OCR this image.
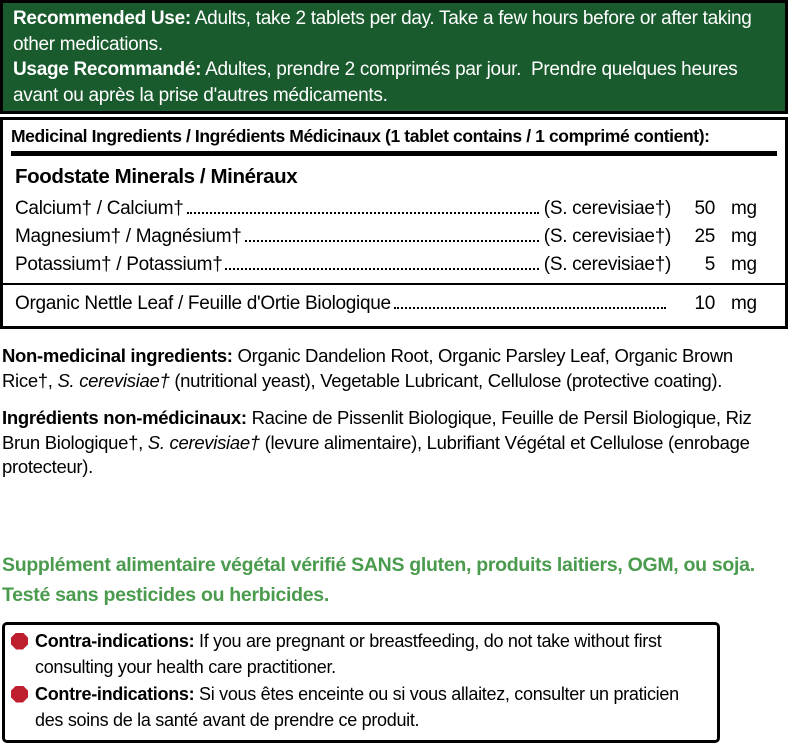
Recommended Use: Adults, take 2 tablets per day. Take a few hours before or after taking other medications.

Usage Recommandé: Adultes, prendre 2 comprimés par jour.  Prendre quelques heures avant ou après la prise d'autres médicaments.

Medicinal Ingredients / Ingrédients Médicinaux (1 tablet contains / 1 comprimé contient):
Foodstate Minerals / Minéraux
Calcium† / Calcium†	(S. cerevisiae†)	50 mg
Magnesium† / Magnésium†	(S. cerevisiae†)	25 mg
Potassium† / Potassium†	(S. cerevisiae†)	5 mg
Organic Nettle Leaf / Feuille d'Ortie Biologique	10 mg

Non-medicinal ingredients: Organic Dandelion Root, Organic Parsley Leaf, Organic Brown Rice†, S. cerevisiae† (nutritional yeast), Vegetable Lubricant, Cellulose (protective coating).

Ingrédients non-médicinaux: Racine de Pissenlit Biologique, Feuille de Persil Biologique, Riz Brun Biologique†, S. cerevisiae† (levure alimentaire), Lubrifiant Végétal et Cellulose (enrobage protecteur).

Supplément alimentaire végétal vérifié SANS gluten, produits laitiers, OGM, ou soja.
Testé sans pesticides ou herbicides.
Contra-indications: If you are pregnant or breastfeeding, do not take without first consulting your health care practitioner.
Contre-indications: Si vous êtes enceinte ou si vous allaitez, consulter un praticien des soins de la santé avant de prendre ce produit.
